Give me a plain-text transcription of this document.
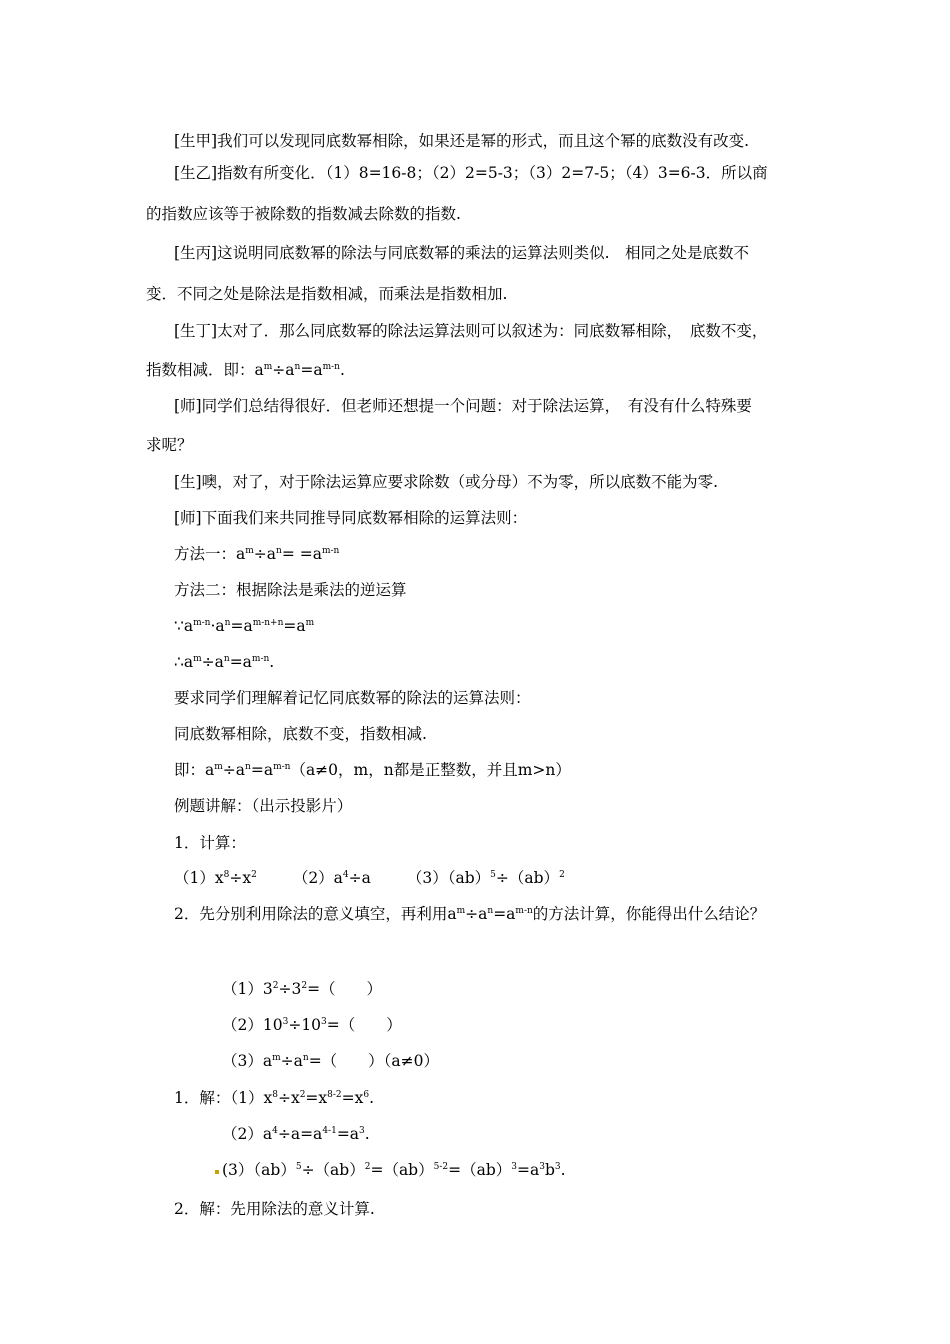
[生甲]我们可以发现同底数幂相除，如果还是幂的形式，而且这个幂的底数没有改变.
[生乙]指数有所变化．（1）8=16-8；（2）2=5-3；（3）2=7-5；（4）3=6-3．所以商
的指数应该等于被除数的指数减去除数的指数.
[生丙]这说明同底数幂的除法与同底数幂的乘法的运算法则类似.　相同之处是底数不
变．不同之处是除法是指数相减，而乘法是指数相加.
[生丁]太对了．那么同底数幂的除法运算法则可以叙述为：同底数幂相除，　底数不变，
指数相减．即：$a^m\div a^n=a^{m-n}$.
[师]同学们总结得很好．但老师还想提一个问题：对于除法运算，　有没有什么特殊要
求呢？
[生]噢，对了，对于除法运算应要求除数（或分母）不为零，所以底数不能为零.
[师]下面我们来共同推导同底数幂相除的运算法则：
方法一：$a^m\div a^n= =a^{m-n}$
方法二：根据除法是乘法的逆运算
$\because a^{m-n}\cdot a^n=a^{m-n+n}=a^m$
$\therefore a^m\div a^n=a^{m-n}$.
要求同学们理解着记忆同底数幂的除法的运算法则：
同底数幂相除，底数不变，指数相减.
即：$a^m\div a^n=a^{m-n}(a\ne 0$，m，n都是正整数，并且m>n）
例题讲解：（出示投影片）
1．计算：
$(1)x^8\div x^2$ $(2)a^4\div a$ （3）（ab）$^5$÷（ab）$^2$
2．先分别利用除法的意义填空，再利用$a^m\div a^n=a^{m-n}$的方法计算，你能得出什么结论？
$(1)3^2\div 3^2=$（　　）
$(2)10^3\div 10^3=$（　　）
$(3)a^m\div a^n=$（　　）（a≠0）
1．解：$(1)x^8\div x^2=x^{8-2}=x^6$.
$(2)a^4\div a=a^{4-1}=a^3$.
$(3)(ab)^5\div(ab)^2=(ab)^{5-2}=(ab)^3=a^3b^3$.
2．解：先用除法的意义计算.
